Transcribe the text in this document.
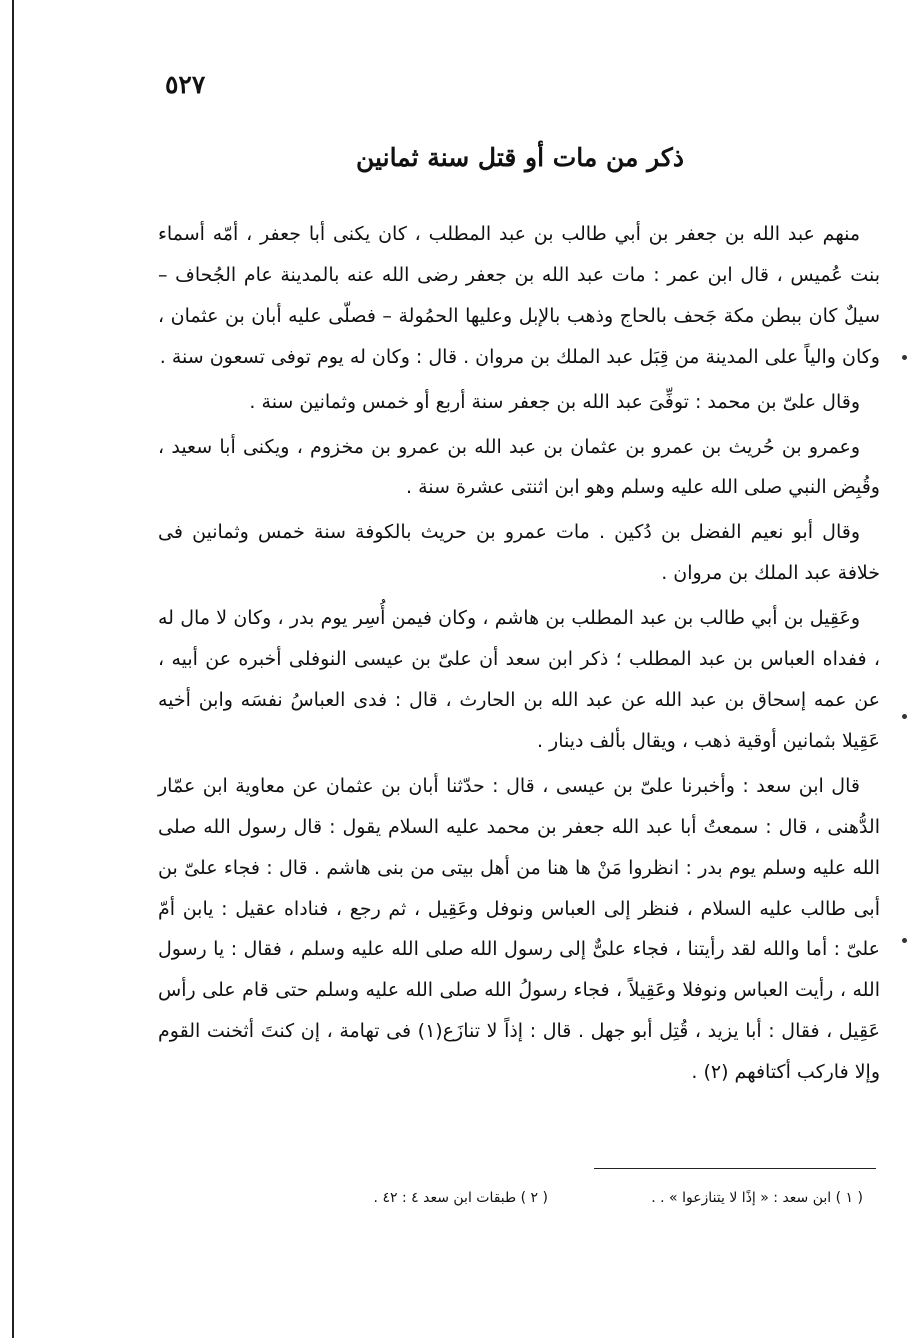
٥٢٧
ذكر من مات أو قتل سنة ثمانين

منهم عبد الله بن جعفر بن أبي طالب بن عبد المطلب ، كان يكنى أبا جعفر ، أمّه أسماء بنت عُميس ، قال ابن عمر : مات عبد الله بن جعفر رضى الله عنه بالمدينة عام الجُحاف – سيلٌ كان ببطن مكة جَحف بالحاج وذهب بالإبل وعليها الحمُولة – فصلّى عليه أبان بن عثمان ، وكان والياً على المدينة من قِبَل عبد الملك بن مروان . قال : وكان له يوم توفى تسعون سنة .

وقال علىّ بن محمد : توفِّىَ عبد الله بن جعفر سنة أربع أو خمس وثمانين سنة .

وعمرو بن حُريث بن عمرو بن عثمان بن عبد الله بن عمرو بن مخزوم ، ويكنى أبا سعيد ، وقُبِض النبي صلى الله عليه وسلم وهو ابن اثنتى عشرة سنة .

وقال أبو نعيم الفضل بن دُكين . مات عمرو بن حريث بالكوفة سنة خمس وثمانين فى خلافة عبد الملك بن مروان .

وعَقِيل بن أبي طالب بن عبد المطلب بن هاشم ، وكان فيمن أُسِر يوم بدر ، وكان لا مال له ، ففداه العباس بن عبد المطلب ؛ ذكر ابن سعد أن علىّ بن عيسى النوفلى أخبره عن أبيه ، عن عمه إسحاق بن عبد الله عن عبد الله بن الحارث ، قال : فدى العباسُ نفسَه وابن أخيه عَقِيلا بثمانين أوقية ذهب ، ويقال بألف دينار .

قال ابن سعد : وأخبرنا علىّ بن عيسى ، قال : حدّثنا أبان بن عثمان عن معاوية ابن عمّار الدُّهنى ، قال : سمعتُ أبا عبد الله جعفر بن محمد عليه السلام يقول : قال رسول الله صلى الله عليه وسلم يوم بدر : انظروا مَنْ ها هنا من أهل بيتى من بنى هاشم . قال : فجاء علىّ بن أبى طالب عليه السلام ، فنظر إلى العباس ونوفل وعَقِيل ، ثم رجع ، فناداه عقيل : يابن أمّ علىّ : أما والله لقد رأيتنا ، فجاء علىٌّ إلى رسول الله صلى الله عليه وسلم ، فقال : يا رسول الله ، رأيت العباس ونوفلا وعَقِيلاً ، فجاء رسولُ الله صلى الله عليه وسلم حتى قام على رأس عَقِيل ، فقال : أبا يزيد ، قُتِل أبو جهل . قال : إذاً لا تنازَع(١) فى تهامة ، إن كنتَ أثخنت القوم وإلا فاركب أكتافهم (٢) .

( ١ ) ابن سعد : « إذًا لا يتنازعوا » . .
( ٢ ) طبقات ابن سعد ٤ : ٤٢ .
